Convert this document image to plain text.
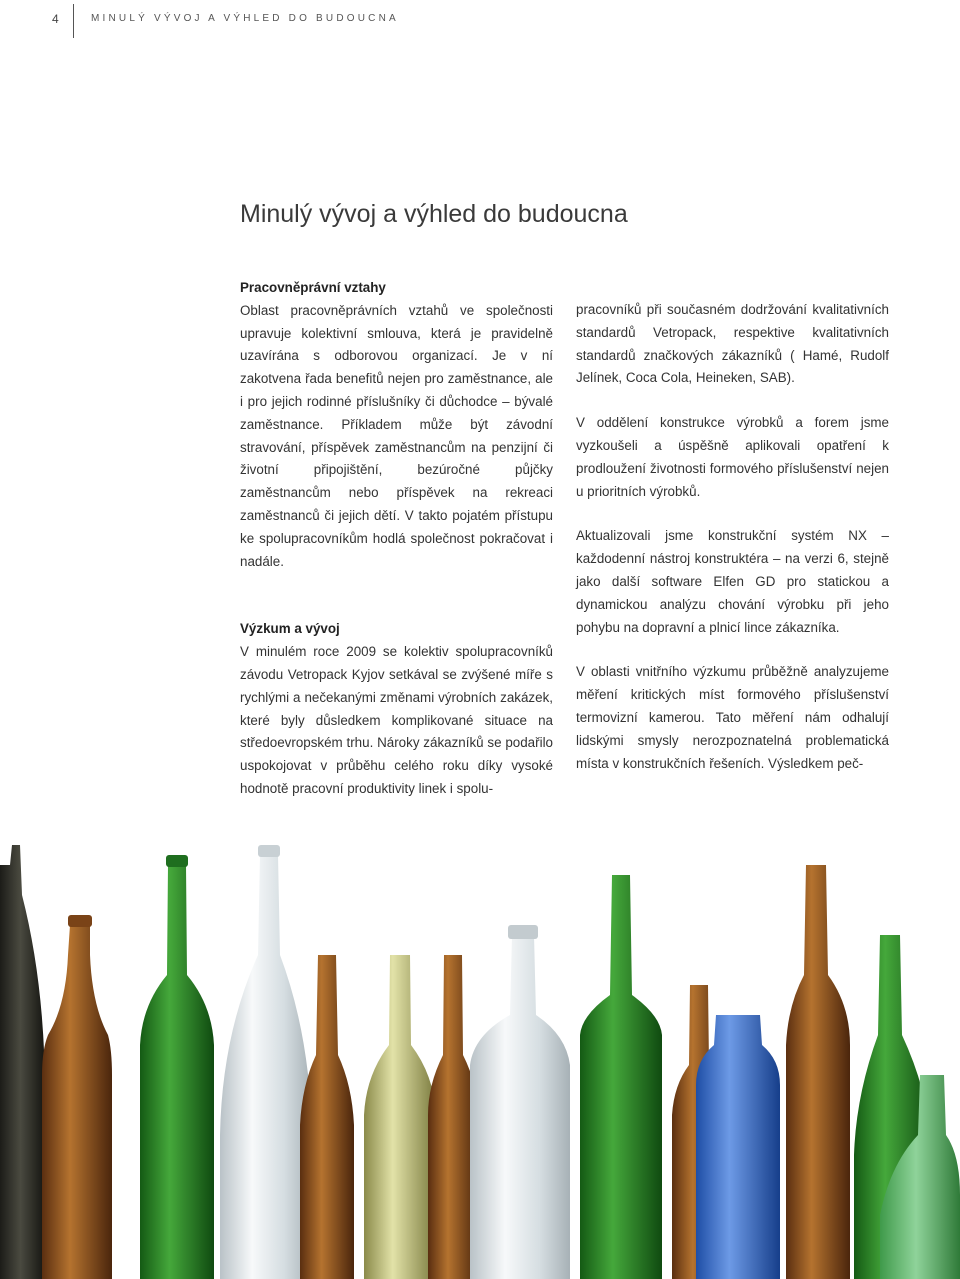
4	MINULÝ VÝVOJ A VÝHLED DO BUDOUCNA
Minulý vývoj a výhled do budoucna
Pracovněprávní vztahy

Oblast pracovněprávních vztahů ve společnosti upravuje kolektivní smlouva, která je pravidelně uzavírána s odborovou organizací. Je v ní zakotvena řada benefitů nejen pro zaměstnance, ale i pro jejich rodinné příslušníky či důchodce – bývalé zaměstnance. Příkladem může být závodní stravování, příspěvek zaměstnancům na penzijní či životní připojištění, bezúročné půjčky zaměstnancům nebo příspěvek na rekreaci zaměstnanců či jejich dětí. V takto pojatém přístupu ke spolupracovníkům hodlá společnost pokračovat i nadále.

Výzkum a vývoj

V minulém roce 2009 se kolektiv spolupracovníků závodu Vetropack Kyjov setkával se zvýšené míře s rychlými a nečekanými změnami výrobních zakázek, které byly důsledkem komplikované situace na středoevropském trhu. Nároky zákazníků se podařilo uspokojovat v průběhu celého roku díky vysoké hodnotě pracovní produktivity linek i spolu-

pracovníků při současném dodržování kvalitativních standardů Vetropack, respektive kvalitativních standardů značkových zákazníků ( Hamé, Rudolf Jelínek, Coca Cola, Heineken, SAB).

V oddělení konstrukce výrobků a forem jsme vyzkoušeli a úspěšně aplikovali opatření k prodloužení životnosti formového příslušenství nejen u prioritních výrobků.

Aktualizovali jsme konstrukční systém NX – každodenní nástroj konstruktéra – na verzi 6, stejně jako další software Elfen GD pro statickou a dynamickou analýzu chování výrobku při jeho pohybu na dopravní a plnicí lince zákazníka.

V oblasti vnitřního výzkumu průběžně analyzujeme měření kritických míst formového příslušenství termovizní kamerou. Tato měření nám odhalují lidskými smysly nerozpoznatelná problematická místa v konstrukčních řešeních. Výsledkem peč-
